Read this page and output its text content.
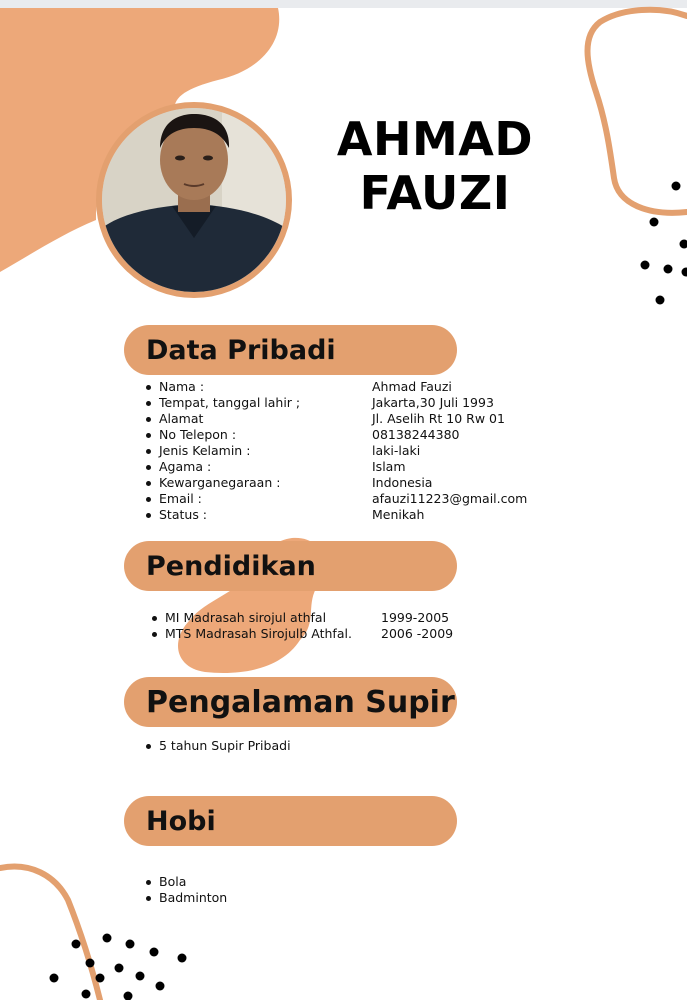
AHMAD
FAUZI
Data Pribadi
Nama :
Tempat, tanggal lahir ;
Alamat
No Telepon :
Jenis Kelamin :
Agama :
Kewarganegaraan :
Email :
Status :
Ahmad Fauzi
Jakarta,30 Juli 1993
Jl. Aselih Rt 10 Rw 01
08138244380
laki-laki
Islam
Indonesia
afauzi11223@gmail.com
Menikah
Pendidikan
MI Madrasah sirojul athfal	1999-2005
MTS Madrasah Sirojulb Athfal.	2006 -2009
Pengalaman Supir
5 tahun Supir Pribadi
Hobi
Bola
Badminton
